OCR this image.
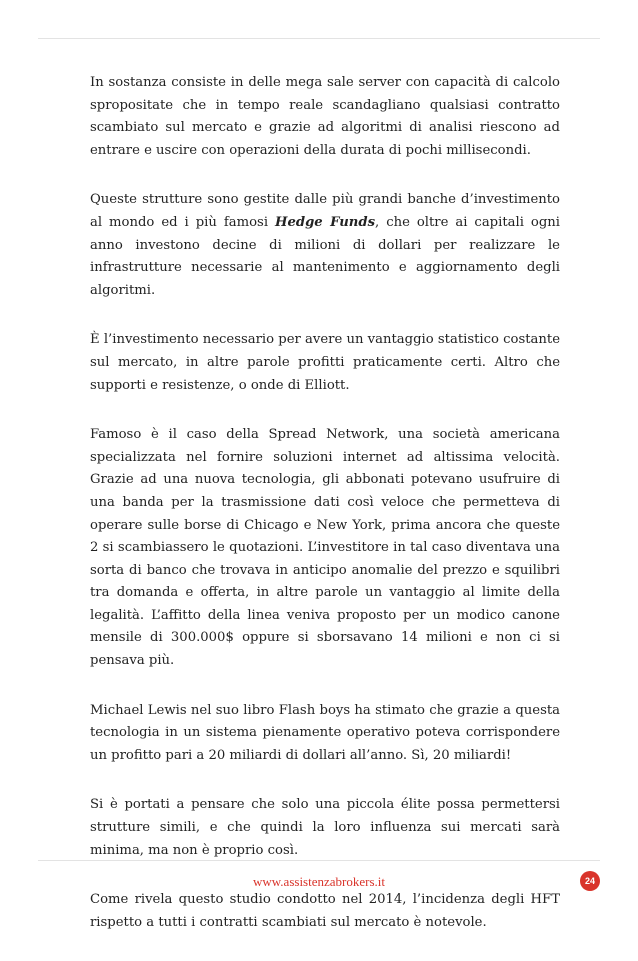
In sostanza consiste in delle mega sale server con capacità di calcolo spropositate che in tempo reale scandagliano qualsiasi contratto scambiato sul mercato e grazie ad algoritmi di analisi riescono ad entrare e uscire con operazioni della durata di pochi millisecondi.

Queste strutture sono gestite dalle più grandi banche d’investimento al mondo ed i più famosi Hedge Funds, che oltre ai capitali ogni anno investono decine di milioni di dollari per realizzare le infrastrutture necessarie al mantenimento e aggiornamento degli algoritmi.

È l’investimento necessario per avere un vantaggio statistico costante sul mercato, in altre parole profitti praticamente certi. Altro che supporti e resistenze, o onde di Elliott.

Famoso è il caso della Spread Network, una società americana specializzata nel fornire soluzioni internet ad altissima velocità. Grazie ad una nuova tecnologia, gli abbonati potevano usufruire di una banda per la trasmissione dati così veloce che permetteva di operare sulle borse di Chicago e New York, prima ancora che queste 2 si scambiassero le quotazioni. L’investitore in tal caso diventava una sorta di banco che trovava in anticipo anomalie del prezzo e squilibri tra domanda e offerta, in altre parole un vantaggio al limite della legalità. L’affitto della linea veniva proposto per un modico canone mensile di 300.000$ oppure si sborsavano 14 milioni e non ci si pensava più.

Michael Lewis nel suo libro Flash boys ha stimato che grazie a questa tecnologia in un sistema pienamente operativo poteva corrispondere un profitto pari a 20 miliardi di dollari all’anno. Sì, 20 miliardi!

Si è portati a pensare che solo una piccola élite possa permettersi strutture simili, e che quindi la loro influenza sui mercati sarà minima, ma non è proprio così.

Come rivela questo studio condotto nel 2014, l’incidenza degli HFT rispetto a tutti i contratti scambiati sul mercato è notevole.

www.assistenzabrokers.it	24
